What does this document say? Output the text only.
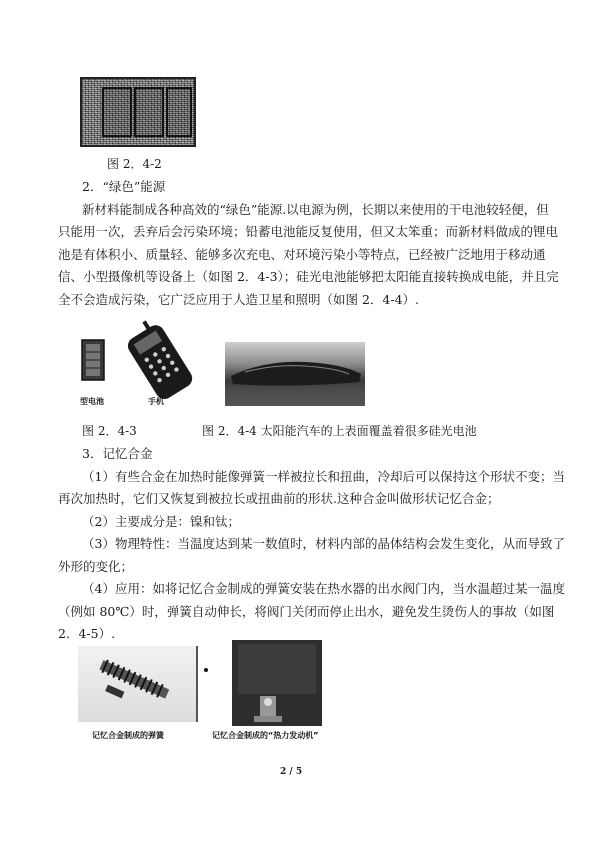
图 2．4-2
2．“绿色”能源
新材料能制成各种高效的“绿色”能源.以电源为例，长期以来使用的干电池较轻便，但
只能用一次，丢弃后会污染环境；铅蓄电池能反复使用，但又太笨重；而新材料做成的锂电
池是有体积小、质量轻、能够多次充电、对环境污染小等特点，已经被广泛地用于移动通
信、小型摄像机等设备上（如图 2．4-3）；硅光电池能够把太阳能直接转换成电能，并且完
全不会造成污染，它广泛应用于人造卫星和照明（如图 2．4-4）.
型电池	手机
图 2．4-3	图 2．4-4 太阳能汽车的上表面覆盖着很多硅光电池
3．记忆合金
（1）有些合金在加热时能像弹簧一样被拉长和扭曲，冷却后可以保持这个形状不变；当
再次加热时，它们又恢复到被拉长或扭曲前的形状.这种合金叫做形状记忆合金；
（2）主要成分是：镍和钛；
（3）物理特性：当温度达到某一数值时，材料内部的晶体结构会发生变化，从而导致了
外形的变化；
（4）应用：如将记忆合金制成的弹簧安装在热水器的出水阀门内，当水温超过某一温度
（例如 80℃）时，弹簧自动伸长，将阀门关闭而停止出水，避免发生烫伤人的事故（如图
2．4-5）.
记忆合金制成的弹簧	记忆合金制成的“热力发动机”
2 / 5
